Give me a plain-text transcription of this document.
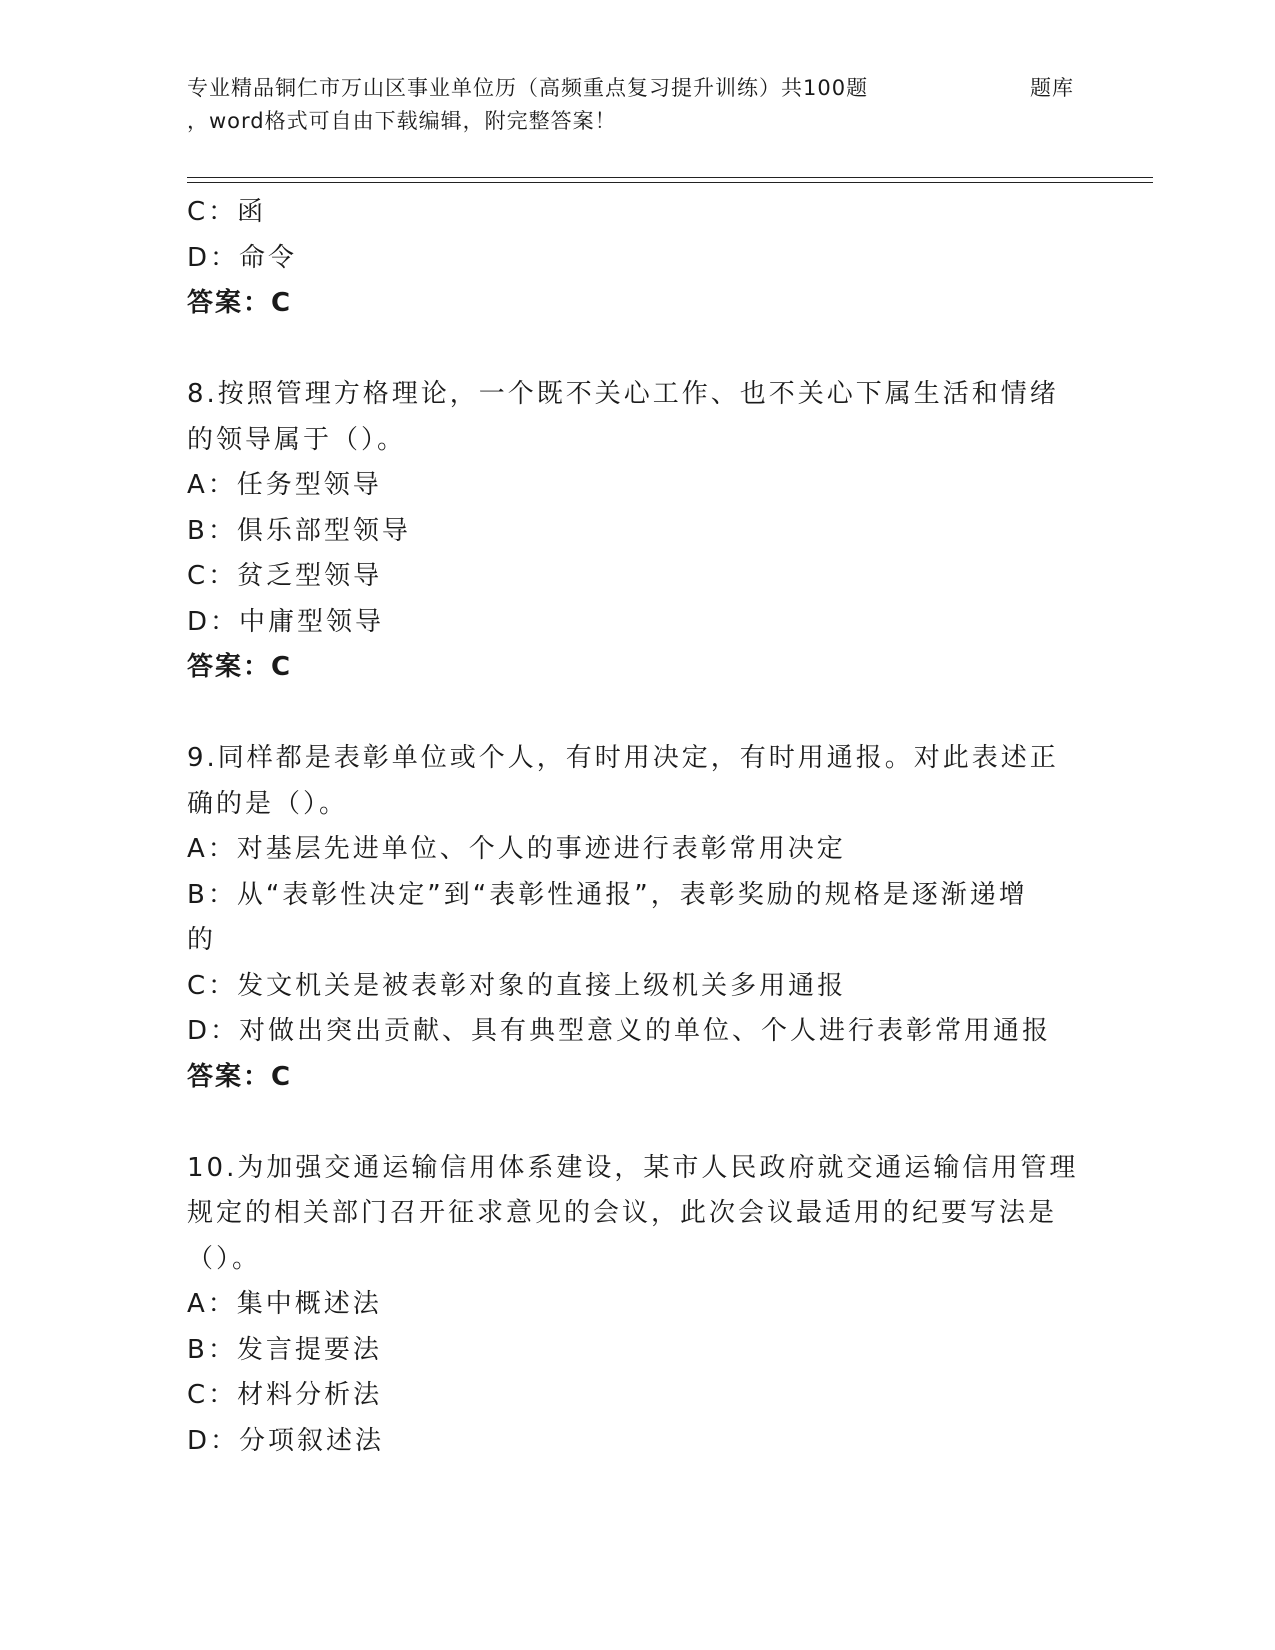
专业精品铜仁市万山区事业单位历（高频重点复习提升训练）共100题
，word格式可自由下载编辑，附完整答案！
题库
C：函
D：命令
答案：C
8.按照管理方格理论，一个既不关心工作、也不关心下属生活和情绪
的领导属于（）。
A：任务型领导
B：俱乐部型领导
C：贫乏型领导
D：中庸型领导
答案：C
9.同样都是表彰单位或个人，有时用决定，有时用通报。对此表述正
确的是（）。
A：对基层先进单位、个人的事迹进行表彰常用决定
B：从“表彰性决定”到“表彰性通报”，表彰奖励的规格是逐渐递增
的
C：发文机关是被表彰对象的直接上级机关多用通报
D：对做出突出贡献、具有典型意义的单位、个人进行表彰常用通报
答案：C
10.为加强交通运输信用体系建设，某市人民政府就交通运输信用管理
规定的相关部门召开征求意见的会议，此次会议最适用的纪要写法是
（）。
A：集中概述法
B：发言提要法
C：材料分析法
D：分项叙述法
